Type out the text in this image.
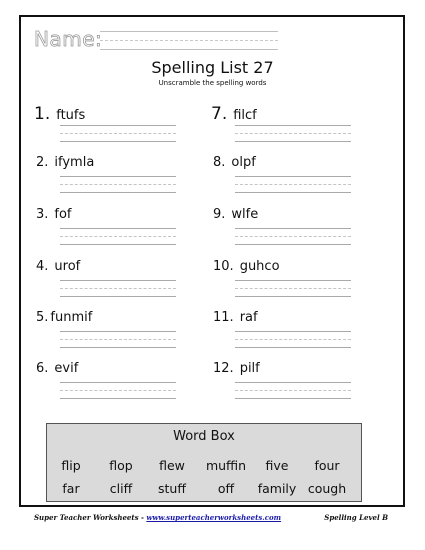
Name:
Spelling List 27
Unscramble the spelling words
1. ftufs
2. ifymla
3. fof
4. urof
5. funmif
6. evif
7. filcf
8. olpf
9. wlfe
10. guhco
11. raf
12. pilf
Word Box
flip flop flew muffin five four
far cliff stuff	off family cough
Super Teacher Worksheets - www.superteacherworksheets.com	Spelling Level B
